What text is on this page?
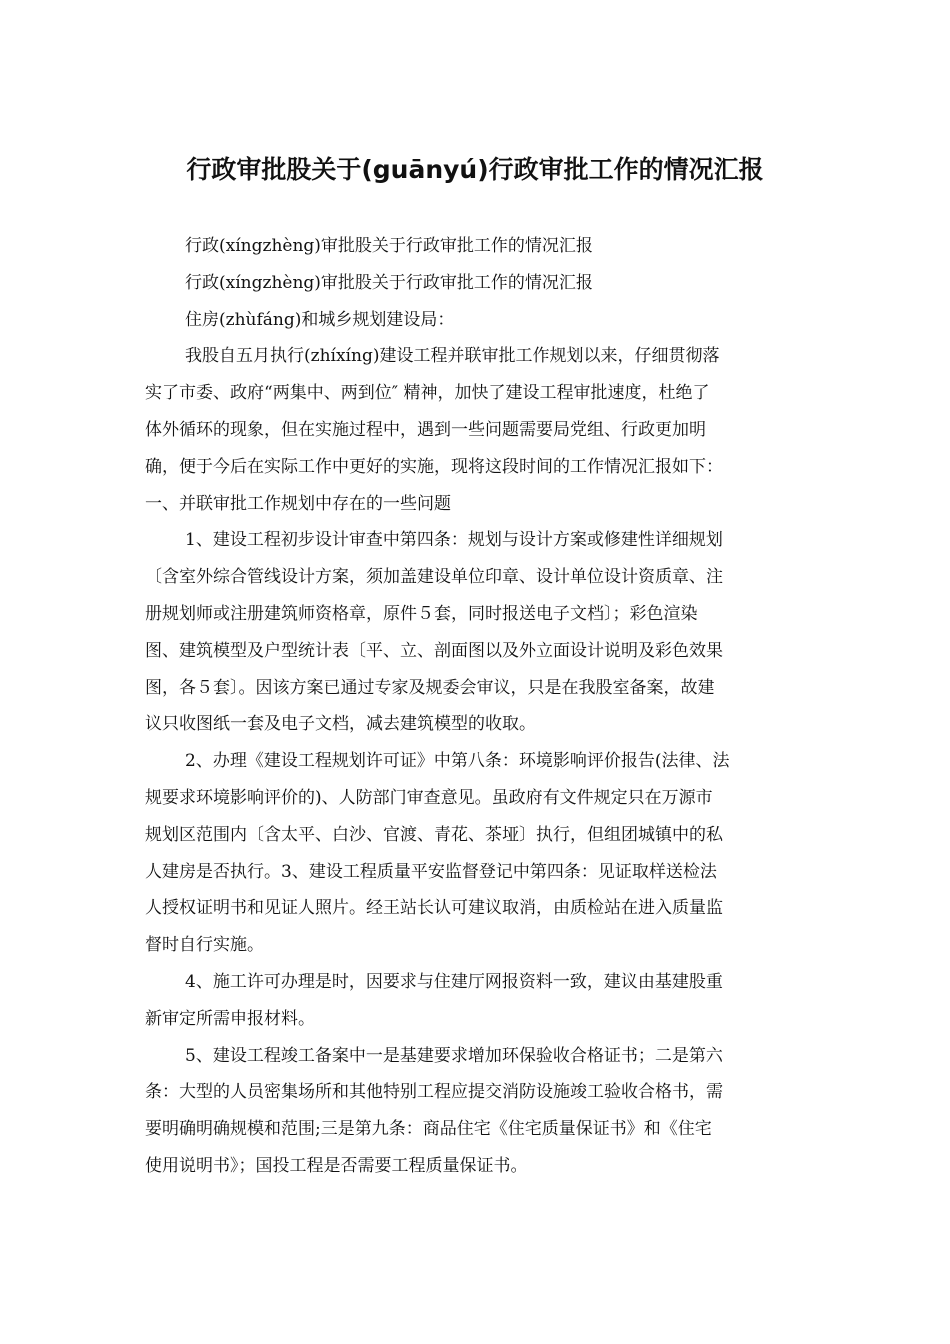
行政审批股关于(guānyú)行政审批工作的情况汇报
行政(xíngzhèng)审批股关于行政审批工作的情况汇报
行政(xíngzhèng)审批股关于行政审批工作的情况汇报
住房(zhùfáng)和城乡规划建设局：
我股自五月执行(zhíxíng)建设工程并联审批工作规划以来，仔细贯彻落
实了市委、政府“两集中、两到位″ 精神，加快了建设工程审批速度，杜绝了
体外循环的现象，但在实施过程中，遇到一些问题需要局党组、行政更加明
确，便于今后在实际工作中更好的实施，现将这段时间的工作情况汇报如下：
一、并联审批工作规划中存在的一些问题
1、建设工程初步设计审查中第四条：规划与设计方案或修建性详细规划
〔含室外综合管线设计方案，须加盖建设单位印章、设计单位设计资质章、注
册规划师或注册建筑师资格章，原件５套，同时报送电子文档〕；彩色渲染
图、建筑模型及户型统计表〔平、立、剖面图以及外立面设计说明及彩色效果
图，各５套〕。因该方案已通过专家及规委会审议，只是在我股室备案，故建
议只收图纸一套及电子文档，减去建筑模型的收取。
2、办理《建设工程规划许可证》中第八条：环境影响评价报告(法律、法
规要求环境影响评价的)、人防部门审查意见。虽政府有文件规定只在万源市
规划区范围内〔含太平、白沙、官渡、青花、茶垭〕执行，但组团城镇中的私
人建房是否执行。3、建设工程质量平安监督登记中第四条：见证取样送检法
人授权证明书和见证人照片。经王站长认可建议取消，由质检站在进入质量监
督时自行实施。
4、施工许可办理是时，因要求与住建厅网报资料一致，建议由基建股重
新审定所需申报材料。
5、建设工程竣工备案中一是基建要求增加环保验收合格证书；二是第六
条：大型的人员密集场所和其他特别工程应提交消防设施竣工验收合格书，需
要明确明确规模和范围;三是第九条：商品住宅《住宅质量保证书》和《住宅
使用说明书》；国投工程是否需要工程质量保证书。
